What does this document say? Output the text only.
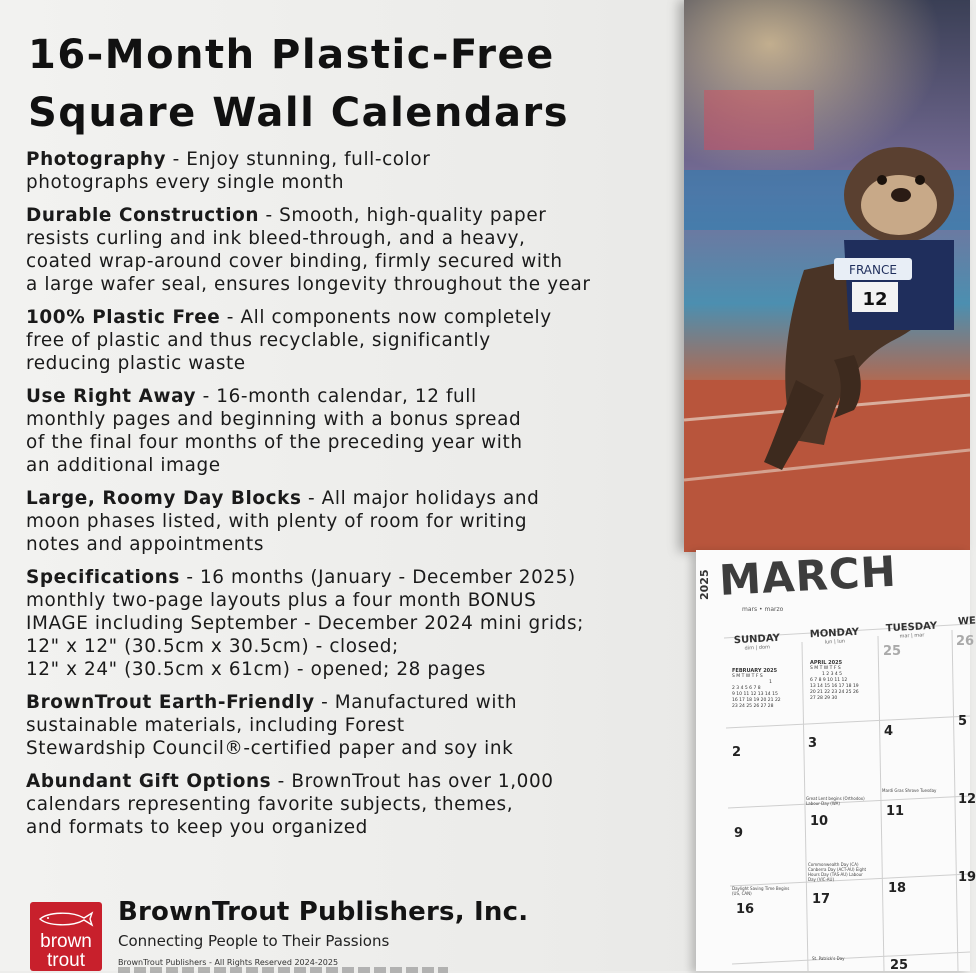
16-Month Plastic-Free
Square Wall Calendars
Photography - Enjoy stunning, full-color
photographs every single month
Durable Construction - Smooth, high-quality paper
resists curling and ink bleed-through, and a heavy,
coated wrap-around cover binding, firmly secured with
a large wafer seal, ensures longevity throughout the year
100% Plastic Free - All components now completely
free of plastic and thus recyclable, significantly
reducing plastic waste
Use Right Away - 16-month calendar, 12 full
monthly pages and beginning with a bonus spread
of the final four months of the preceding year with
an additional image
Large, Roomy Day Blocks - All major holidays and
moon phases listed, with plenty of room for writing
notes and appointments
Specifications - 16 months (January - December 2025)
monthly two-page layouts plus a four month BONUS
IMAGE including September - December 2024 mini grids;
12" x 12" (30.5cm x 30.5cm) - closed;
12" x 24" (30.5cm x 61cm) - opened; 28 pages
BrownTrout Earth-Friendly - Manufactured with
sustainable materials, including Forest
Stewardship Council®-certified paper and soy ink
Abundant Gift Options - BrownTrout has over 1,000
calendars representing favorite subjects, themes,
and formats to keep you organized
brown
trout
BrownTrout Publishers, Inc.
Connecting People to Their Passions
BrownTrout Publishers - All Rights Reserved 2024-2025
FRANCE
12
2025 MARCH
mars • marzo
SUNDAY
dim | dom
MONDAY
lun | lun
TUESDAY
mar | mar
WE
FEBRUARY 2025
S M T W T F S
1
2 3 4 5 6 7 8
9 10 11 12 13 14 15
16 17 18 19 20 21 22
23 24 25 26 27 28
APRIL 2025
S M T W T F S
1 2 3 4 5
6 7 8 9 10 11 12
13 14 15 16 17 18 19
20 21 22 23 24 25 26
27 28 29 30
25
26
2
3
4
5
9
10
11
12
16
17
18
19
25
Great Lent begins (Orthodox) Labour Day (WA)
Mardi Gras Shrove Tuesday
Commonwealth Day (CA) Canberra Day (ACT-AU) Eight Hours Day (TAS-AU) Labour Day (VIC-AU)
Daylight Saving Time Begins (US, CAN)
St. Patrick's Day
